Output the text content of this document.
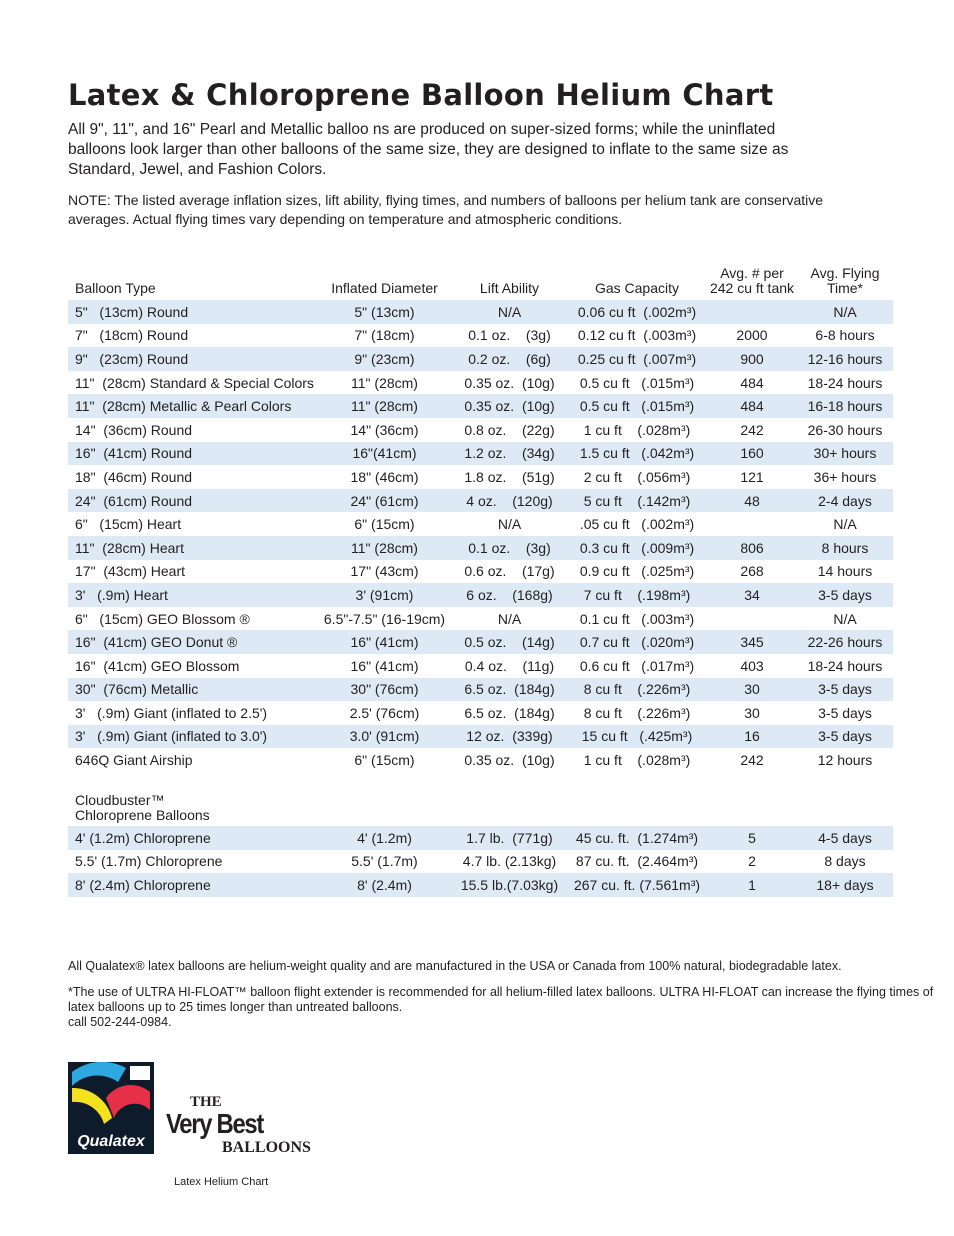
Latex & Chloroprene Balloon Helium Chart

All 9", 11", and 16" Pearl and Metallic balloo ns are produced on super-sized forms; while the uninflated balloons look larger than other balloons of the same size, they are designed to inflate to the same size as Standard, Jewel, and Fashion Colors.

NOTE: The listed average inflation sizes, lift ability, flying times, and numbers of balloons per helium tank are conservative averages. Actual flying times vary depending on temperature and atmospheric conditions.

Balloon Type	Inflated Diameter	Lift Ability	Gas Capacity	Avg. # per 242 cu ft tank	Avg. Flying Time*
5"   (13cm) Round	5" (13cm)	N/A	0.06 cu ft  (.002m³)		N/A
7"   (18cm) Round	7" (18cm)	0.1 oz.    (3g)	0.12 cu ft  (.003m³)	2000	6-8 hours
9"   (23cm) Round	9" (23cm)	0.2 oz.    (6g)	0.25 cu ft  (.007m³)	900	12-16 hours
11"  (28cm) Standard & Special Colors	11" (28cm)	0.35 oz.  (10g)	0.5 cu ft   (.015m³)	484	18-24 hours
11"  (28cm) Metallic & Pearl Colors	11" (28cm)	0.35 oz.  (10g)	0.5 cu ft   (.015m³)	484	16-18 hours
14"  (36cm) Round	14" (36cm)	0.8 oz.    (22g)	1 cu ft    (.028m³)	242	26-30 hours
16"  (41cm) Round	16"(41cm)	1.2 oz.    (34g)	1.5 cu ft   (.042m³)	160	30+ hours
18"  (46cm) Round	18" (46cm)	1.8 oz.    (51g)	2 cu ft    (.056m³)	121	36+ hours
24"  (61cm) Round	24" (61cm)	4 oz.    (120g)	5 cu ft    (.142m³)	48	2-4 days
6"   (15cm) Heart	6" (15cm)	N/A	.05 cu ft   (.002m³)		N/A
11"  (28cm) Heart	11" (28cm)	0.1 oz.    (3g)	0.3 cu ft   (.009m³)	806	8 hours
17"  (43cm) Heart	17" (43cm)	0.6 oz.    (17g)	0.9 cu ft   (.025m³)	268	14 hours
3'   (.9m) Heart	3' (91cm)	6 oz.    (168g)	7 cu ft    (.198m³)	34	3-5 days
6"   (15cm) GEO Blossom ®	6.5"-7.5" (16-19cm)	N/A	0.1 cu ft   (.003m³)		N/A
16"  (41cm) GEO Donut ®	16" (41cm)	0.5 oz.    (14g)	0.7 cu ft   (.020m³)	345	22-26 hours
16"  (41cm) GEO Blossom	16" (41cm)	0.4 oz.    (11g)	0.6 cu ft   (.017m³)	403	18-24 hours
30"  (76cm) Metallic	30" (76cm)	6.5 oz.  (184g)	8 cu ft    (.226m³)	30	3-5 days
3'   (.9m) Giant (inflated to 2.5')	2.5' (76cm)	6.5 oz.  (184g)	8 cu ft    (.226m³)	30	3-5 days
3'   (.9m) Giant (inflated to 3.0')	3.0' (91cm)	12 oz.  (339g)	15 cu ft   (.425m³)	16	3-5 days
646Q Giant Airship	6" (15cm)	0.35 oz.  (10g)	1 cu ft    (.028m³)	242	12 hours
Cloudbuster™
Chloroprene Balloons
4' (1.2m) Chloroprene	4' (1.2m)	1.7 lb.  (771g)	45 cu. ft.  (1.274m³)	5	4-5 days
5.5' (1.7m) Chloroprene	5.5' (1.7m)	4.7 lb. (2.13kg)	87 cu. ft.  (2.464m³)	2	8 days
8' (2.4m) Chloroprene	8' (2.4m)	15.5 lb.(7.03kg)	267 cu. ft. (7.561m³)	1	18+ days
All Qualatex® latex balloons are helium-weight quality and are manufactured in the USA or Canada from 100% natural, biodegradable latex.
*The use of ULTRA HI-FLOAT™ balloon flight extender is recommended for all helium-filled latex balloons. ULTRA HI-FLOAT can increase the flying times of latex balloons up to 25 times longer than untreated balloons.
call 502-244-0984.
Qualatex
THE
Very Best
BALLOONS
Latex Helium Chart
